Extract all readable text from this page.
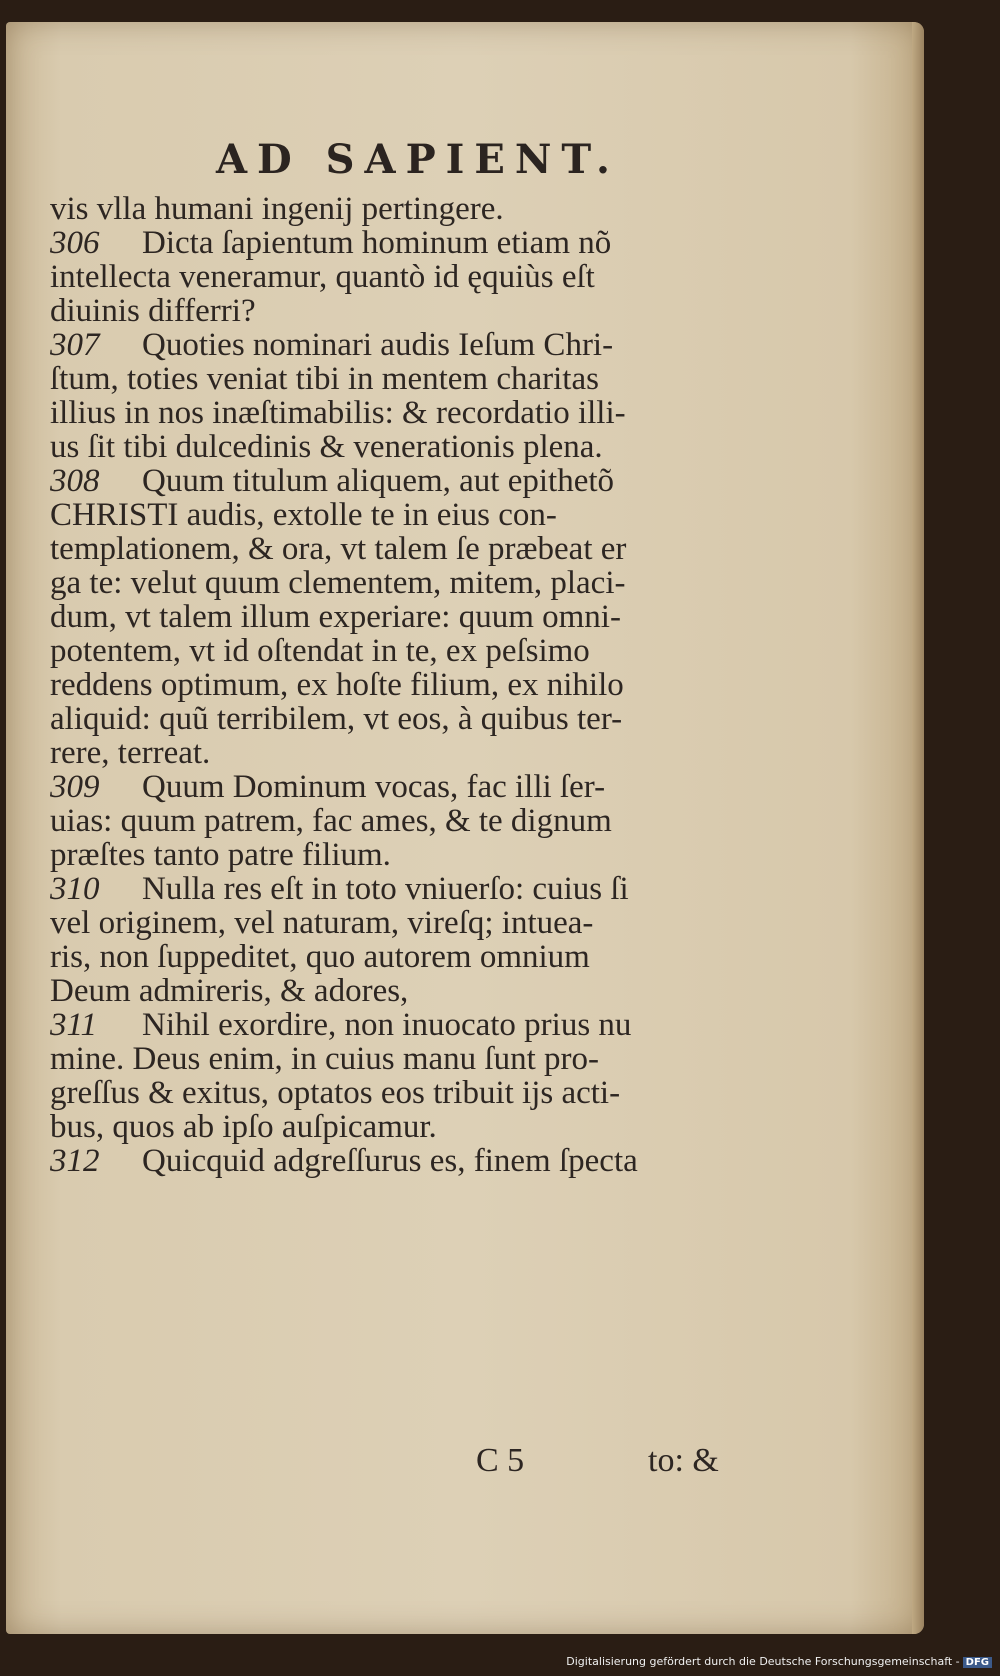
AD SAPIENT.
vis vlla humani ingenij pertingere.
306 Dicta ſapientum hominum etiam nõ
intellecta veneramur, quantò id ęquiùs eſt
diuinis differri?
307 Quoties nominari audis Ieſum Chri-
ſtum, toties veniat tibi in mentem charitas
illius in nos inæſtimabilis: & recordatio illi-
us ſit tibi dulcedinis & venerationis plena.
308 Quum titulum aliquem, aut epithetõ
CHRISTI audis, extolle te in eius con-
templationem, & ora, vt talem ſe præbeat er
ga te: velut quum clementem, mitem, placi-
dum, vt talem illum experiare: quum omni-
potentem, vt id oſtendat in te, ex peſsimo
reddens optimum, ex hoſte filium, ex nihilo
aliquid: quũ terribilem, vt eos, à quibus ter-
rere, terreat.
309 Quum Dominum vocas, fac illi ſer-
uias: quum patrem, fac ames, & te dignum
præſtes tanto patre filium.
310 Nulla res eſt in toto vniuerſo: cuius ſi
vel originem, vel naturam, vireſq; intuea-
ris, non ſuppeditet, quo autorem omnium
Deum admireris, & adores,
311 Nihil exordire, non inuocato prius nu
mine. Deus enim, in cuius manu ſunt pro-
greſſus & exitus, optatos eos tribuit ijs acti-
bus, quos ab ipſo auſpicamur.
312 Quicquid adgreſſurus es, finem ſpecta
C 5	to: &
Digitalisierung gefördert durch die Deutsche Forschungsgemeinschaft - DFG
